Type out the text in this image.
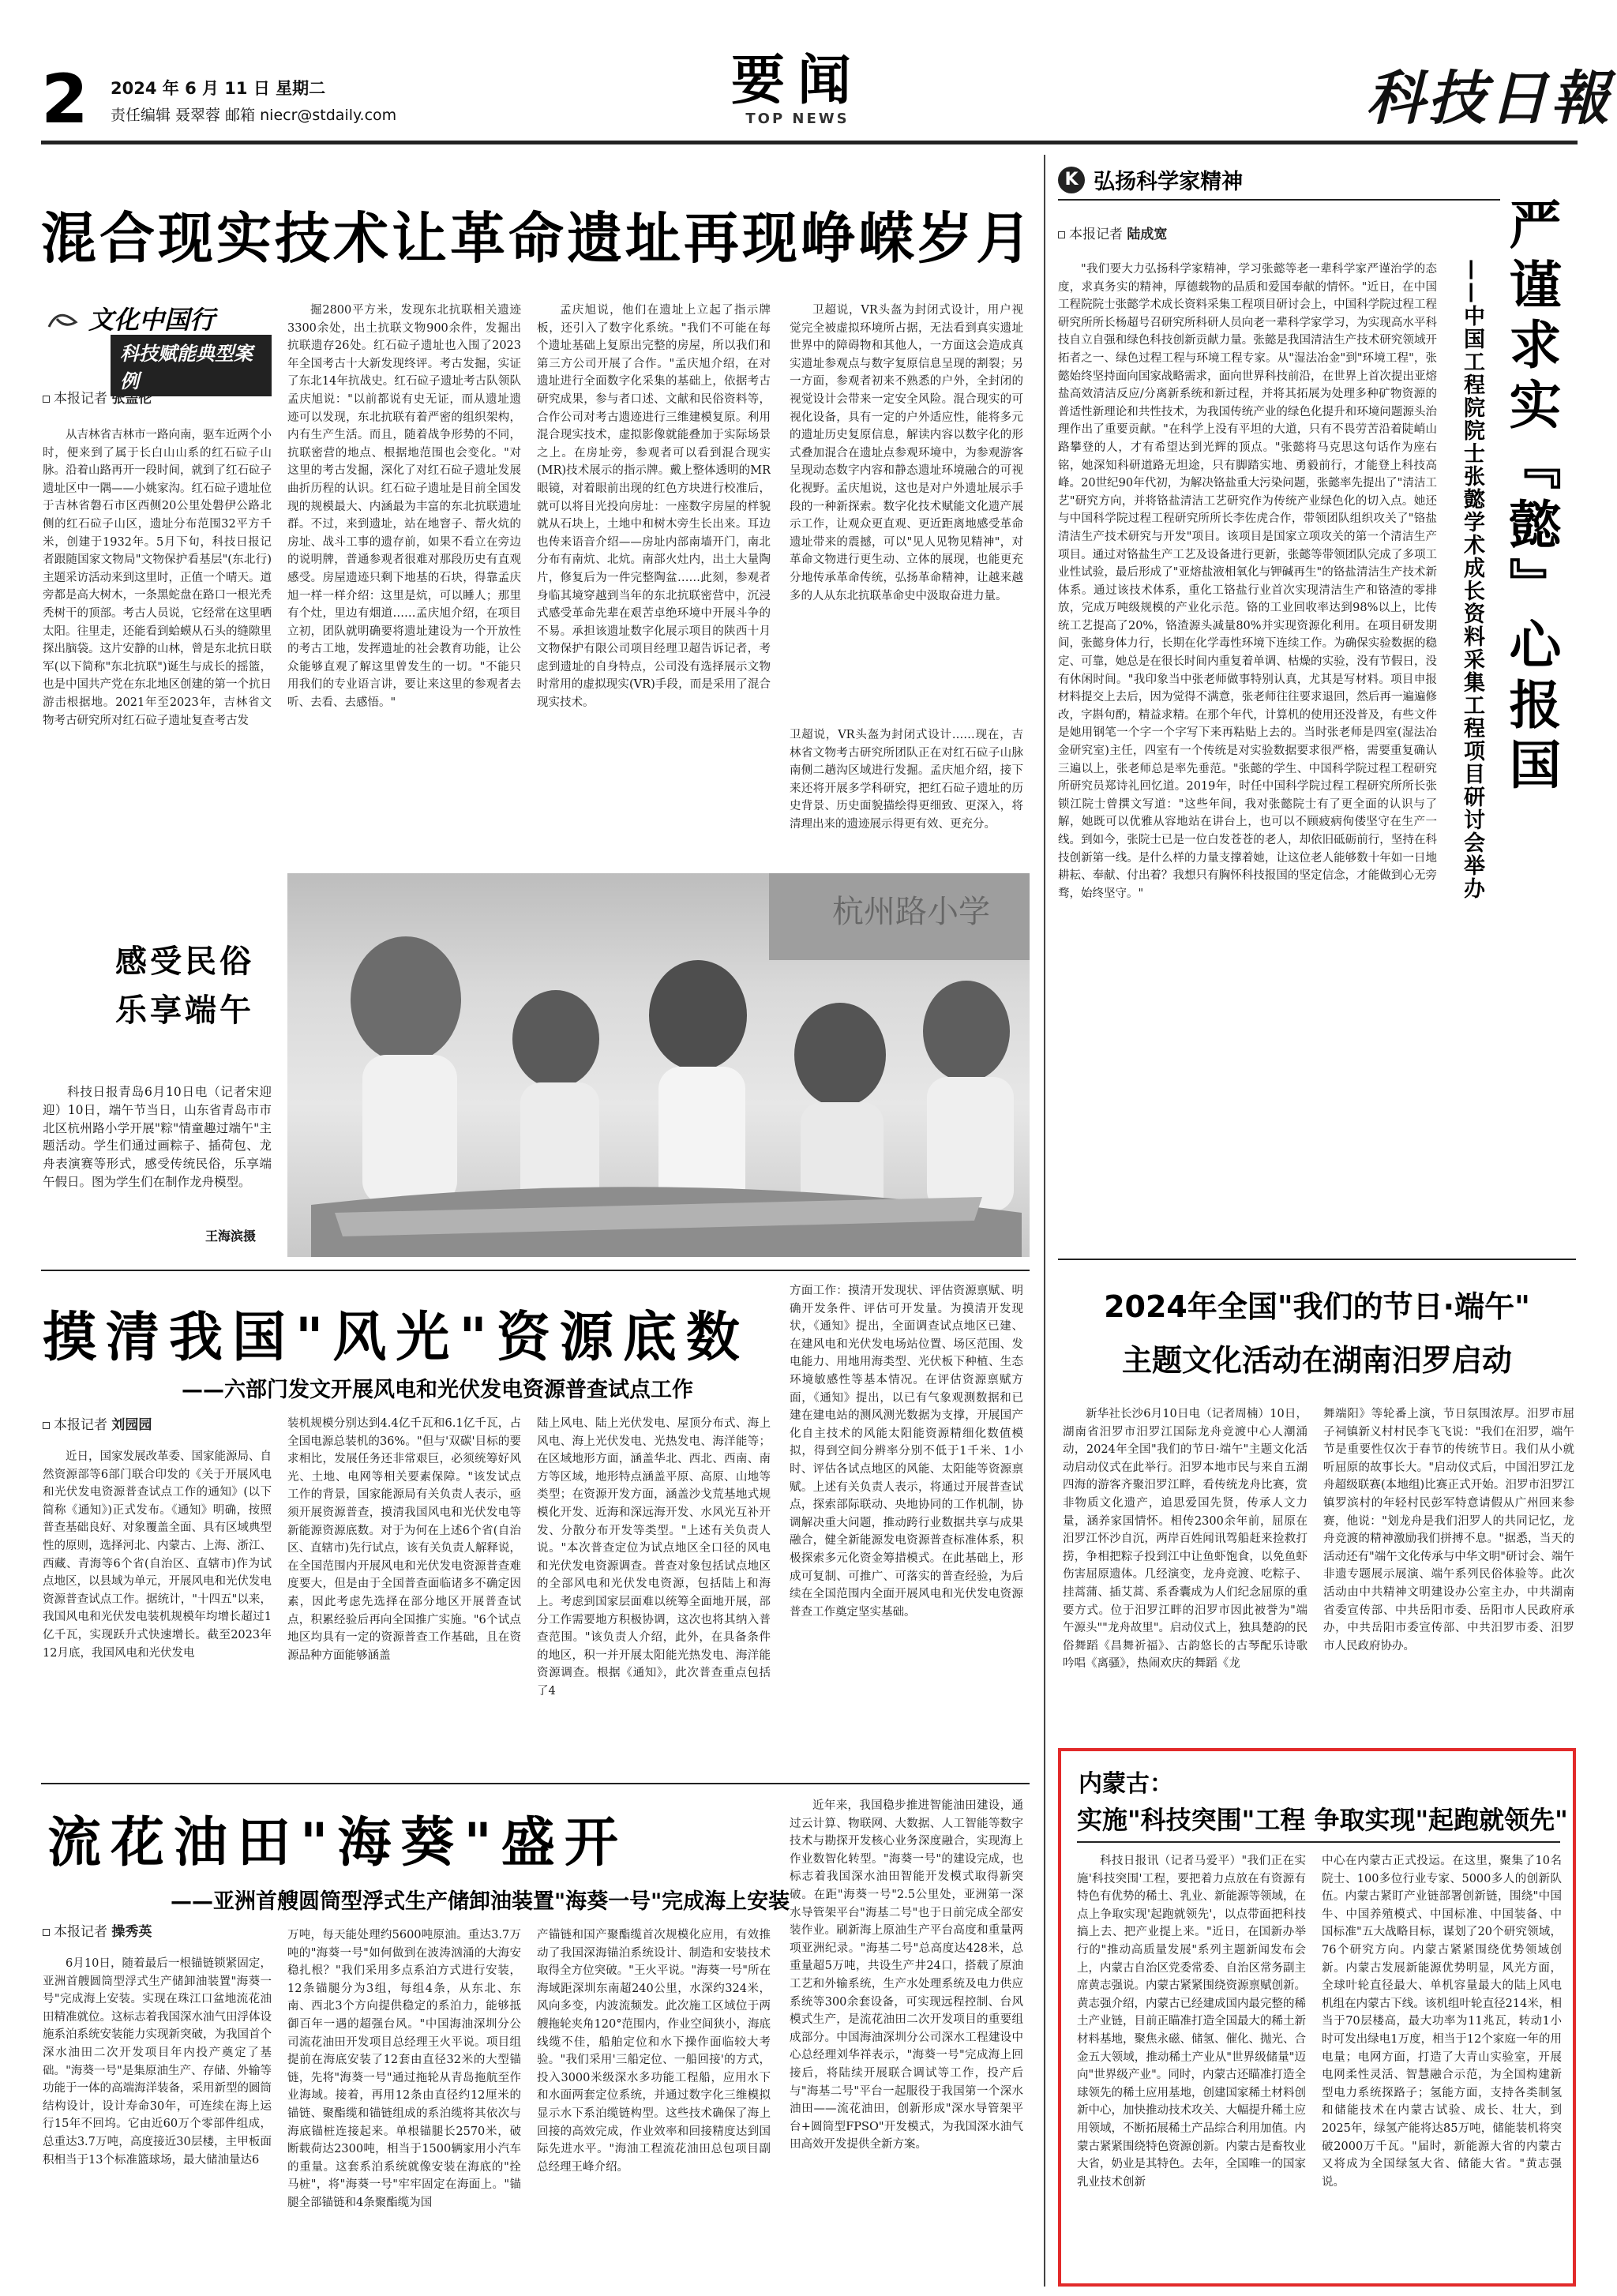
2 2024 年 6 月 11 日 星期二
责任编辑 聂翠蓉 邮箱 niecr@stdaily.com
要闻
TOP NEWS	科技日報
混合现实技术让革命遗址再现峥嵘岁月
文化中国行
科技赋能典型案例
本报记者 张盖伦
从吉林省吉林市一路向南，驱车近两个小时，便来到了属于长白山山系的红石砬子山脉。沿着山路再开一段时间，就到了红石砬子遗址区中一隅——小姚家沟。红石砬子遗址位于吉林省磐石市区西侧20公里处磐伊公路北侧的红石砬子山区，遗址分布范围32平方千米，创建于1932年。5月下旬，科技日报记者跟随国家文物局"文物保护看基层"(东北行)主题采访活动来到这里时，正值一个晴天。道旁都是高大树木，一条黑蛇盘在路口一根光秃秃树干的顶部。考古人员说，它经常在这里晒太阳。往里走，还能看到蛤蟆从石头的缝隙里探出脑袋。这片安静的山林，曾是东北抗日联军(以下简称"东北抗联")诞生与成长的摇篮，也是中国共产党在东北地区创建的第一个抗日游击根据地。2021年至2023年，吉林省文物考古研究所对红石砬子遗址复查考古发
掘2800平方米，发现东北抗联相关遗迹3300余处，出土抗联文物900余件，发掘出抗联遗存26处。红石砬子遗址也入围了2023年全国考古十大新发现终评。考古发掘，实证了东北14年抗战史。红石砬子遗址考古队领队孟庆旭说："以前都说有史无证，而从遗址遗迹可以发现，东北抗联有着严密的组织架构，内有生产生活。而且，随着战争形势的不同，抗联密营的地点、根据地范围也会变化。"对这里的考古发掘，深化了对红石砬子遗址发展曲折历程的认识。红石砬子遗址是目前全国发现的规模最大、内涵最为丰富的东北抗联遗址群。不过，来到遗址，站在地窨子、帮火炕的房址、战斗工事的遗存前，如果不看立在旁边的说明牌，普通参观者很难对那段历史有直观感受。房屋遗迹只剩下地基的石块，得靠孟庆旭一样一样介绍：这里是炕，可以睡人；那里有个灶，里边有烟道……孟庆旭介绍，在项目立初，团队就明确要将遗址建设为一个开放性的考古工地，发挥遗址的社会教育功能，让公众能够直观了解这里曾发生的一切。"不能只用我们的专业语言讲，要让来这里的参观者去听、去看、去感悟。"
孟庆旭说，他们在遗址上立起了指示牌板，还引入了数字化系统。"我们不可能在每个遗址基础上复原出完整的房屋，所以我们和第三方公司开展了合作。"孟庆旭介绍，在对遗址进行全面数字化采集的基础上，依据考古研究成果，参与者口述、文献和民俗资料等，合作公司对考古遗迹进行三维建模复原。利用混合现实技术，虚拟影像就能叠加于实际场景之上。在房址旁，参观者可以看到混合现实(MR)技术展示的指示牌。戴上整体透明的MR眼镜，对着眼前出现的红色方块进行校准后，就可以将目光投向房址：一座数字房屋的样貌就从石块上，土地中和树木旁生长出来。耳边也传来语音介绍——房址内部南墙开门，南北分布有南炕、北炕。南部火灶内，出土大量陶片，修复后为一件完整陶盆……此刻，参观者身临其境穿越到当年的东北抗联密营中，沉浸式感受革命先辈在艰苦卓绝环境中开展斗争的不易。承担该遗址数字化展示项目的陕西十月文物保护有限公司项目经理卫超告诉记者，考虑到遗址的自身特点，公司没有选择展示文物时常用的虚拟现实(VR)手段，而是采用了混合现实技术。
卫超说，VR头盔为封闭式设计，用户视觉完全被虚拟环境所占据，无法看到真实遗址世界中的障碍物和其他人，一方面这会造成真实遗址参观点与数字复原信息呈现的割裂；另一方面，参观者初来不熟悉的户外，全封闭的视觉设计会带来一定安全风险。混合现实的可视化设备，具有一定的户外适应性，能将多元的遗址历史复原信息，解读内容以数字化的形式叠加混合在遗址点参观环境中，为参观游客呈现动态数字内容和静态遗址环境融合的可视化视野。孟庆旭说，这也是对户外遗址展示手段的一种新探索。数字化技术赋能文化遗产展示工作，让观众更直观、更近距离地感受革命遗址带来的震撼，可以"见人见物见精神"，对革命文物进行更生动、立体的展现，也能更充分地传承革命传统，弘扬革命精神，让越来越多的人从东北抗联革命史中汲取奋进力量。
卫超说，VR头盔为封闭式设计……现在，吉林省文物考古研究所团队正在对红石砬子山脉南侧二趟沟区域进行发掘。孟庆旭介绍，接下来还将开展多学科研究，把红石砬子遗址的历史背景、历史面貌描绘得更细致、更深入，将清理出来的遗迹展示得更有效、更充分。
杭州路小学
感受民俗
乐享端午
科技日报青岛6月10日电（记者宋迎迎）10日，端午节当日，山东省青岛市市北区杭州路小学开展"粽"情童趣过端午"主题活动。学生们通过画粽子、插荷包、龙舟表演赛等形式，感受传统民俗，乐享端午假日。图为学生们在制作龙舟模型。
王海滨摄
摸清我国"风光"资源底数
——六部门发文开展风电和光伏发电资源普查试点工作
本报记者 刘园园
近日，国家发展改革委、国家能源局、自然资源部等6部门联合印发的《关于开展风电和光伏发电资源普查试点工作的通知》(以下简称《通知》)正式发布。《通知》明确，按照普查基础良好、对象覆盖全面、具有区域典型性的原则，选择河北、内蒙古、上海、浙江、西藏、青海等6个省(自治区、直辖市)作为试点地区，以县域为单元，开展风电和光伏发电资源普查试点工作。据统计，"十四五"以来，我国风电和光伏发电装机规模年均增长超过1亿千瓦，实现跃升式快速增长。截至2023年12月底，我国风电和光伏发电
装机规模分别达到4.4亿千瓦和6.1亿千瓦，占全国电源总装机的36%。"但与'双碳'目标的要求相比，发展任务还非常艰巨，必须统筹好风光、土地、电网等相关要素保障。"该发试点工作的背景，国家能源局有关负责人表示，亟须开展资源普查，摸清我国风电和光伏发电等新能源资源底数。对于为何在上述6个省(自治区、直辖市)先行试点，该有关负责人解释说，在全国范围内开展风电和光伏发电资源普查难度要大，但是由于全国普查面临诸多不确定因素，因此考虑先选择在部分地区开展普查试点，积累经验后再向全国推广实施。"6个试点地区均具有一定的资源普查工作基础，且在资源品种方面能够涵盖
陆上风电、陆上光伏发电、屋顶分布式、海上风电、海上光伏发电、光热发电、海洋能等；在区域地形方面，涵盖华北、西北、西南、南方等区域，地形特点涵盖平原、高原、山地等类型；在资源开发方面，涵盖沙戈荒基地式规模化开发、近海和深远海开发、水风光互补开发、分散分布开发等类型。"上述有关负责人说。"本次普查定位为试点地区全口径的风电和光伏发电资源调查。普查对象包括试点地区的全部风电和光伏发电资源，包括陆上和海上。考虑到国家层面难以统筹全面地开展，部分工作需要地方积极协调，这次也将其纳入普查范围。"该负责人介绍，此外，在具备条件的地区，积一并开展太阳能光热发电、海洋能资源调查。根据《通知》，此次普查重点包括了4
方面工作：摸清开发现状、评估资源禀赋、明确开发条件、评估可开发量。为摸清开发现状，《通知》提出，全面调查试点地区已建、在建风电和光伏发电场站位置、场区范围、发电能力、用地用海类型、光伏板下种植、生态环境敏感性等基本情况。在评估资源禀赋方面，《通知》提出，以已有气象观测数据和已建在建电站的测风测光数据为支撑，开展国产化自主技术的风能太阳能资源精细化数值模拟，得到空间分辨率分别不低于1千米、1小时、评估各试点地区的风能、太阳能等资源禀赋。上述有关负责人表示，将通过开展普查试点，探索部际联动、央地协同的工作机制，协调解决重大问题，推动跨行业数据共享与成果融合，健全新能源发电资源普查标准体系，积极探索多元化资金筹措模式。在此基础上，形成可复制、可推广、可落实的普查经验，为后续在全国范围内全面开展风电和光伏发电资源普查工作奠定坚实基础。
流花油田"海葵"盛开
——亚洲首艘圆筒型浮式生产储卸油装置"海葵一号"完成海上安装
本报记者 操秀英
6月10日，随着最后一根锚链锁紧固定，亚洲首艘圆筒型浮式生产储卸油装置"海葵一号"完成海上安装。实现在珠江口盆地流花油田精准就位。这标志着我国深水油气田浮体设施系泊系统安装能力实现新突破，为我国首个深水油田二次开发项目年内投产奠定了基础。"海葵一号"是集原油生产、存储、外输等功能于一体的高端海洋装备，采用新型的圆筒结构设计，设计寿命30年，可连续在海上运行15年不回坞。它由近60万个零部件组成，总重达3.7万吨，高度接近30层楼，主甲板面积相当于13个标准篮球场，最大储油量达6
万吨，每天能处理约5600吨原油。重达3.7万吨的"海葵一号"如何做到在波涛汹涌的大海安稳扎根？"我们采用多点系泊方式进行安装，12条锚腿分为3组，每组4条，从东北、东南、西北3个方向提供稳定的系泊力，能够抵御百年一遇的超强台风。"中国海油深圳分公司流花油田开发项目总经理王火平说。项目组提前在海底安装了12套由直径32米的大型锚链，先将"海葵一号"通过拖轮从青岛拖航至作业海域。接着，再用12条由直径约12厘米的锚链、聚酯缆和锚链组成的系泊缆将其依次与海底锚桩连接起来。单根锚腿长2570米，破断载荷达2300吨，相当于1500辆家用小汽车的重量。这套系泊系统就像安装在海底的"拴马桩"，将"海葵一号"牢牢固定在海面上。"锚腿全部锚链和4条聚酯缆为国
产锚链和国产聚酯缆首次规模化应用，有效推动了我国深海锚泊系统设计、制造和安装技术取得全方位突破。"王火平说。"海葵一号"所在海域距深圳东南超240公里，水深约324米，风向多变，内波流频发。此次施工区域位于两艘拖轮夹角120°范围内，作业空间狭小，海底线缆不佳，船舶定位和水下操作面临较大考验。"我们采用'三船定位、一船回接'的方式，投入3000米级深水多功能工程船，应用水下和水面两套定位系统，并通过数字化三维模拟显示水下系泊缆链构型。这些技术确保了海上回接的高效完成，作业效率和回接精度达到国际先进水平。"海油工程流花油田总包项目副总经理王峰介绍。
近年来，我国稳步推进智能油田建设，通过云计算、物联网、大数据、人工智能等数字技术与勘探开发核心业务深度融合，实现海上作业数智化转型。"海葵一号"的建设完成，也标志着我国深水油田智能开发模式取得新突破。在距"海葵一号"2.5公里处，亚洲第一深水导管架平台"海基二号"也于日前完成全部安装作业。刷新海上原油生产平台高度和重量两项亚洲纪录。"海基二号"总高度达428米，总重量超5万吨，共设生产井24口，搭载了原油工艺和外输系统，生产水处理系统及电力供应系统等300余套设备，可实现远程控制、台风模式生产，是流花油田二次开发项目的重要组成部分。中国海油深圳分公司深水工程建设中心总经理刘华祥表示，"海葵一号"完成海上回接后，将陆续开展联合调试等工作，投产后与"海基二号"平台一起服役于我国第一个深水油田——流花油田，创新形成"深水导管架平台+圆筒型FPSO"开发模式，为我国深水油气田高效开发提供全新方案。
K 弘扬科学家精神
本报记者 陆成宽	严谨求实『懿』心报国
——中国工程院院士张懿学术成长资料采集工程项目研讨会举办
"我们要大力弘扬科学家精神，学习张懿等老一辈科学家严谨治学的态度，求真务实的精神，厚德载物的品质和爱国奉献的情怀。"近日，在中国工程院院士张懿学术成长资料采集工程项目研讨会上，中国科学院过程工程研究所所长杨超号召研究所科研人员向老一辈科学家学习，为实现高水平科技自立自强和绿色科技创新贡献力量。张懿是我国清洁生产技术研究领域开拓者之一、绿色过程工程与环境工程专家。从"湿法冶金"到"环境工程"，张懿始终坚持面向国家战略需求，面向世界科技前沿，在世界上首次提出亚熔盐高效清洁反应/分离新系统和新过程，并将其拓展为处理多种矿物资源的普适性新理论和共性技术，为我国传统产业的绿色化提升和环境问题源头治理作出了重要贡献。"在科学上没有平坦的大道，只有不畏劳苦沿着陡峭山路攀登的人，才有希望达到光辉的顶点。"张懿将马克思这句话作为座右铭，她深知科研道路无坦途，只有脚踏实地、勇毅前行，才能登上科技高峰。20世纪90年代初，为解决铬盐重大污染问题，张懿率先提出了"清洁工艺"研究方向，并将铬盐清洁工艺研究作为传统产业绿色化的切入点。她还与中国科学院过程工程研究所所长李佐虎合作，带领团队组织攻关了"铬盐清洁生产技术研究与开发"项目。该项目是国家立项攻关的第一个清洁生产项目。通过对铬盐生产工艺及设备进行更新，张懿等带领团队完成了多项工业性试验，最后形成了"亚熔盐液相氧化与钾碱再生"的铬盐清洁生产技术新体系。通过该技术体系，重化工铬盐行业首次实现清洁生产和铬渣的零排放，完成万吨级规模的产业化示范。铬的工业回收率达到98%以上，比传统工艺提高了20%，铬渣源头减量80%并实现资源化利用。在项目研发期间，张懿身体力行，长期在化学毒性环境下连续工作。为确保实验数据的稳定、可靠，她总是在很长时间内重复着单调、枯燥的实验，没有节假日，没有休闲时间。"我印象当中张老师做事特别认真，尤其是写材料。项目申报材料提交上去后，因为觉得不满意，张老师往往要求退回，然后再一遍遍修改，字斟句酌，精益求精。在那个年代，计算机的使用还没普及，有些文件是她用钢笔一个字一个字写下来再粘贴上去的。当时张老师是四室(湿法冶金研究室)主任，四室有一个传统是对实验数据要求很严格，需要重复确认三遍以上，张老师总是率先垂范。"张懿的学生、中国科学院过程工程研究所研究员郑诗礼回忆道。2019年，时任中国科学院过程工程研究所所长张锁江院士曾撰文写道："这些年间，我对张懿院士有了更全面的认识与了解，她既可以优雅从容地站在讲台上，也可以不顾疲病佝偻坚守在生产一线。到如今，张院士已是一位白发苍苍的老人，却依旧砥砺前行，坚持在科技创新第一线。是什么样的力量支撑着她，让这位老人能够数十年如一日地耕耘、奉献、付出着？我想只有胸怀科技报国的坚定信念，才能做到心无旁骛，始终坚守。"
2024年全国"我们的节日·端午"
主题文化活动在湖南汨罗启动
新华社长沙6月10日电（记者周楠）10日，湖南省汨罗市汨罗江国际龙舟竞渡中心人潮涌动，2024年全国"我们的节日·端午"主题文化活动启动仪式在此举行。汨罗本地市民与来自五湖四海的游客齐聚汨罗江畔，看传统龙舟比赛，赏非物质文化遗产，追思爱国先贤，传承人文力量，涵养家国情怀。相传2300余年前，屈原在汨罗江怀沙自沉，两岸百姓闻讯驾船赶来捡救打捞，争相把粽子投到江中让鱼虾饱食，以免鱼虾伤害屈原遗体。几经演变，龙舟竞渡、吃粽子、挂蒿蒲、插艾蒿、系香囊成为人们纪念屈原的重要方式。位于汨罗江畔的汨罗市因此被誉为"端午源头""龙舟故里"。启动仪式上，独具楚韵的民俗舞蹈《昌舞祈福》、古韵悠长的古琴配乐诗歌吟唱《离骚》，热闹欢庆的舞蹈《龙
舞端阳》等轮番上演，节日氛围浓厚。汨罗市屈子祠镇新义村村民李飞飞说："我们在汨罗，端午节是重要性仅次于春节的传统节日。我们从小就听屈原的故事长大。"启动仪式后，中国汨罗江龙舟超级联赛(本地组)比赛正式开始。汨罗市汨罗江镇罗滨村的年轻村民彭军特意请假从广州回来参赛，他说："划龙舟是我们汨罗人的共同记忆，龙舟竞渡的精神激励我们拼搏不息。"据悉，当天的活动还有"端午文化传承与中华文明"研讨会、端午非遗专题展示展演、端午系列民俗体验等。此次活动由中共精神文明建设办公室主办，中共湖南省委宣传部、中共岳阳市委、岳阳市人民政府承办，中共岳阳市委宣传部、中共汨罗市委、汨罗市人民政府协办。
内蒙古：
实施"科技突围"工程 争取实现"起跑就领先"
科技日报讯（记者马爱平）"我们正在实施'科技突围'工程，要把着力点放在有资源有特色有优势的稀土、乳业、新能源等领域，在点上争取实现'起跑就领先'，以点带面把科技搞上去、把产业提上来。"近日，在国新办举行的"推动高质量发展"系列主题新闻发布会上，内蒙古自治区党委常委、自治区常务副主席黄志强说。内蒙古紧紧围绕资源禀赋创新。黄志强介绍，内蒙古已经建成国内最完整的稀土产业链，目前正瞄准打造全国最大的稀土新材料基地，聚焦永磁、储氢、催化、抛光、合金五大领域，推动稀土产业从"世界级储量"迈向"世界级产业"。同时，内蒙古还瞄准打造全球领先的稀土应用基地，创建国家稀土材料创新中心，加快推动技术攻关、大幅提升稀土应用领域，不断拓展稀土产品综合利用加值。内蒙古紧紧围绕特色资源创新。内蒙古是畜牧业大省，奶业是其特色。去年，全国唯一的国家乳业技术创新
中心在内蒙古正式投运。在这里，聚集了10名院士、100多位行业专家、5000多人的创新队伍。内蒙古紧盯产业链部署创新链，围绕"中国牛、中国养殖模式、中国标准、中国装备、中国标准"五大战略目标，谋划了20个研究领域，76个研究方向。内蒙古紧紧围绕优势领域创新。内蒙古发展新能源优势明显，风光方面，全球叶轮直径最大、单机容量最大的陆上风电机组在内蒙古下线。该机组叶轮直径214米，相当于70层楼高，最大功率为11兆瓦，转动1小时可发出绿电1万度，相当于12个家庭一年的用电量；电网方面，打造了大青山实验室，开展电网柔性灵活、智慧融合示范，为全国构建新型电力系统探路子；氢能方面，支持各类制氢和储能技术在内蒙古试验、成长、壮大，到2025年，绿氢产能将达85万吨，储能装机将突破2000万千瓦。"届时，新能源大省的内蒙古又将成为全国绿氢大省、储能大省。"黄志强说。
